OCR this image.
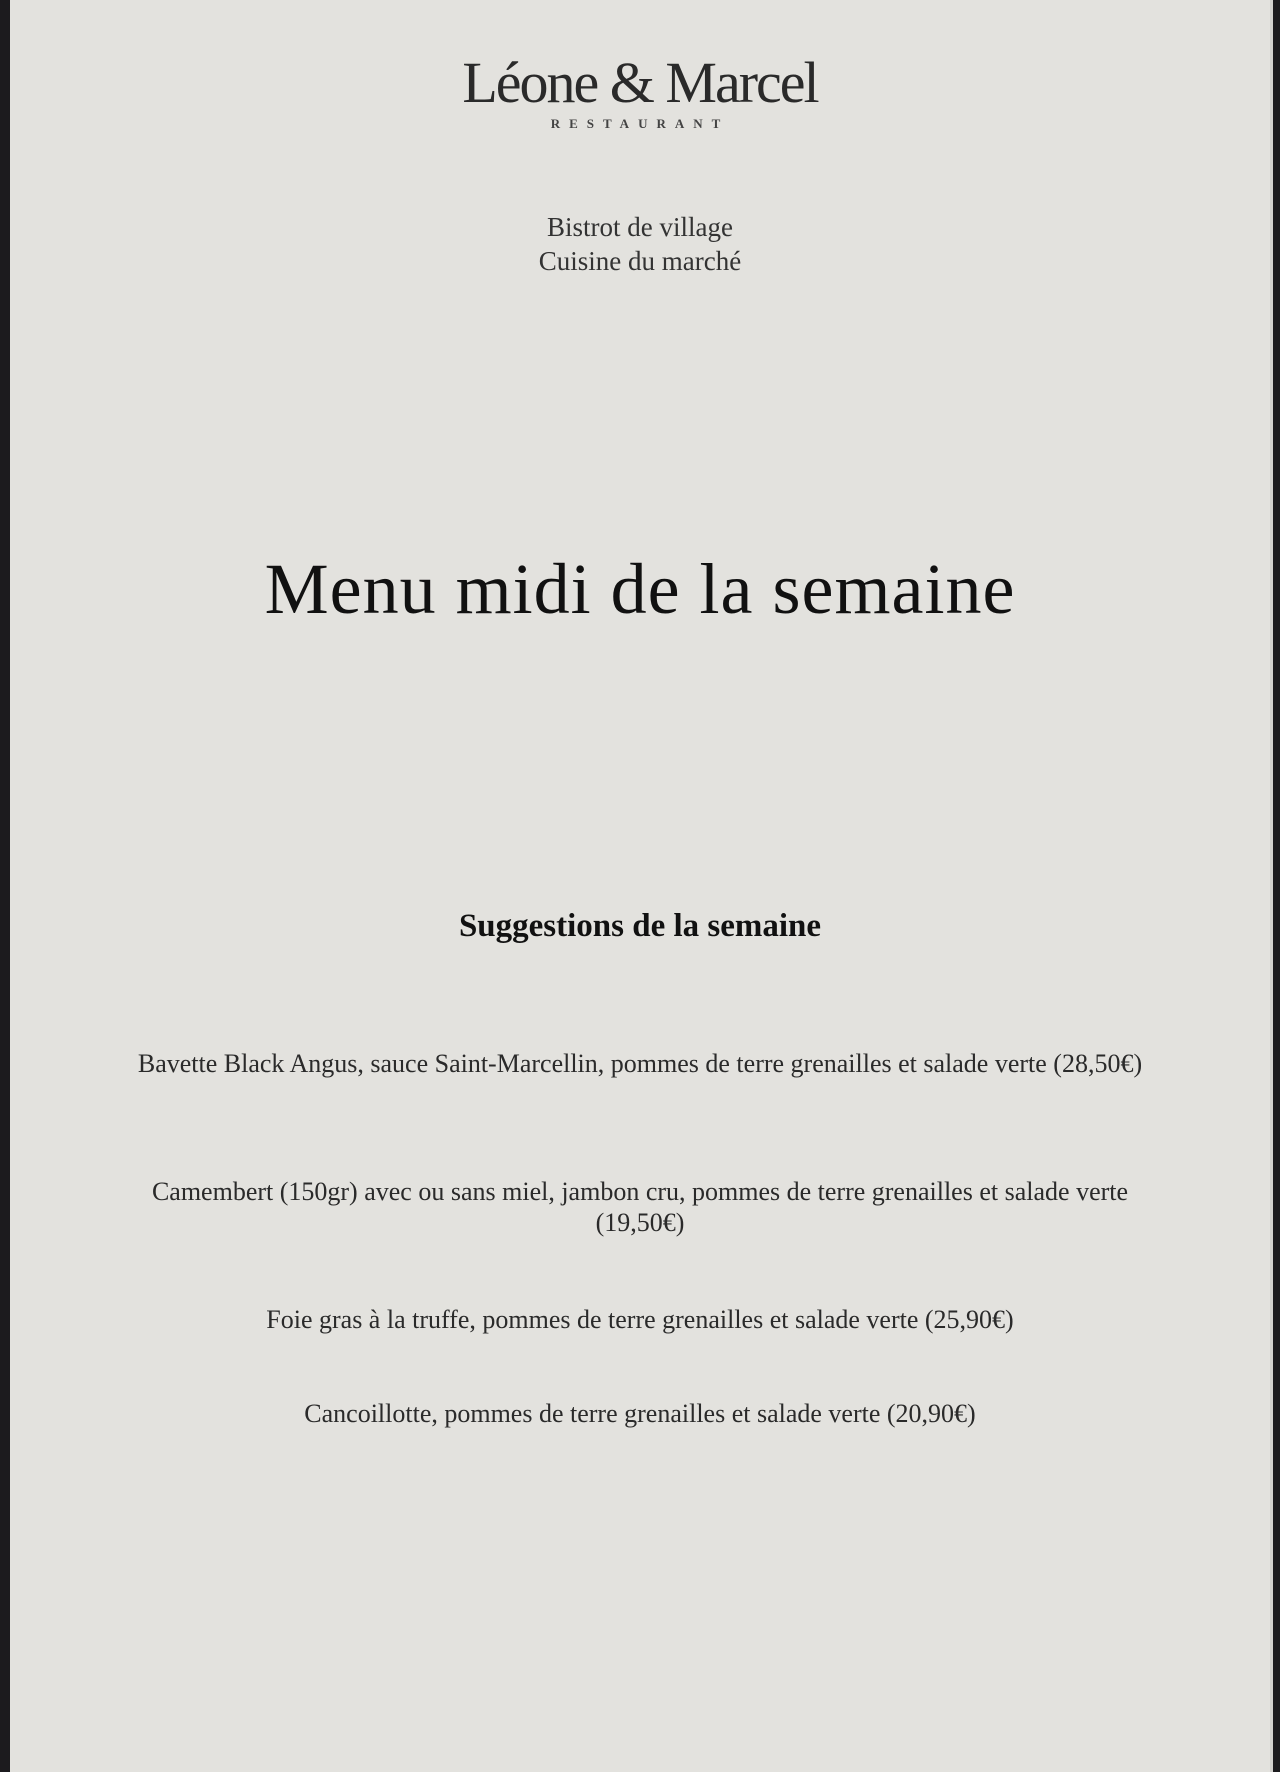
Léone & Marcel
RESTAURANT
Bistrot de village
Cuisine du marché
Menu midi de la semaine
Suggestions de la semaine
Bavette Black Angus, sauce Saint-Marcellin, pommes de terre grenailles et salade verte (28,50€)
Camembert (150gr) avec ou sans miel, jambon cru, pommes de terre grenailles et salade verte (19,50€)
Foie gras à la truffe, pommes de terre grenailles et salade verte (25,90€)
Cancoillotte, pommes de terre grenailles et salade verte (20,90€)
